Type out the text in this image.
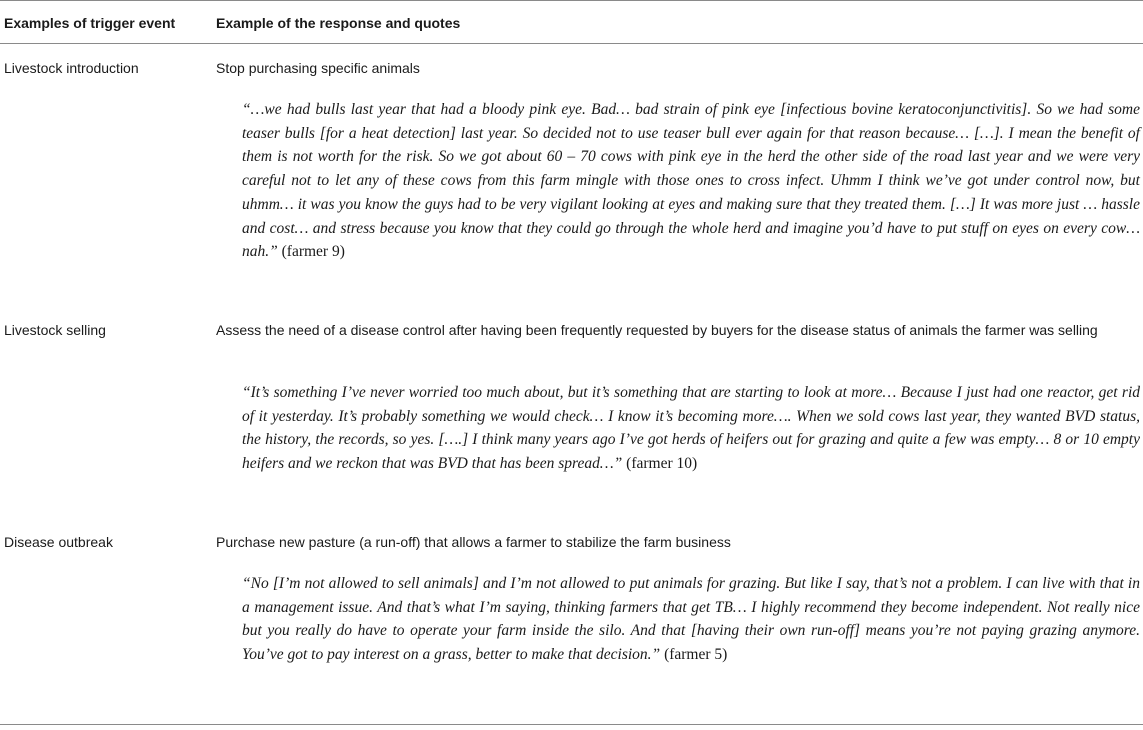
Examples of trigger event	Example of the response and quotes
Livestock introduction	Stop purchasing specific animals
“…we had bulls last year that had a bloody pink eye. Bad… bad strain of pink eye [infectious bovine keratoconjunctivitis]. So we had some teaser bulls [for a heat detection] last year. So decided not to use teaser bull ever again for that reason because… […]. I mean the benefit of them is not worth for the risk. So we got about 60 – 70 cows with pink eye in the herd the other side of the road last year and we were very careful not to let any of these cows from this farm mingle with those ones to cross infect. Uhmm I think we’ve got under control now, but uhmm… it was you know the guys had to be very vigilant looking at eyes and making sure that they treated them. […] It was more just … hassle and cost… and stress because you know that they could go through the whole herd and imagine you’d have to put stuff on eyes on every cow… nah.” (farmer 9)
Livestock selling	Assess the need of a disease control after having been frequently requested by buyers for the disease status of animals the farmer was selling
“It’s something I’ve never worried too much about, but it’s something that are starting to look at more… Because I just had one reactor, get rid of it yesterday. It’s probably something we would check… I know it’s becoming more…. When we sold cows last year, they wanted BVD status, the history, the records, so yes. [….] I think many years ago I’ve got herds of heifers out for grazing and quite a few was empty… 8 or 10 empty heifers and we reckon that was BVD that has been spread…” (farmer 10)
Disease outbreak	Purchase new pasture (a run-off) that allows a farmer to stabilize the farm business
“No [I’m not allowed to sell animals] and I’m not allowed to put animals for grazing. But like I say, that’s not a problem. I can live with that in a management issue. And that’s what I’m saying, thinking farmers that get TB… I highly recommend they become independent. Not really nice but you really do have to operate your farm inside the silo. And that [having their own run-off] means you’re not paying grazing anymore. You’ve got to pay interest on a grass, better to make that decision.” (farmer 5)
